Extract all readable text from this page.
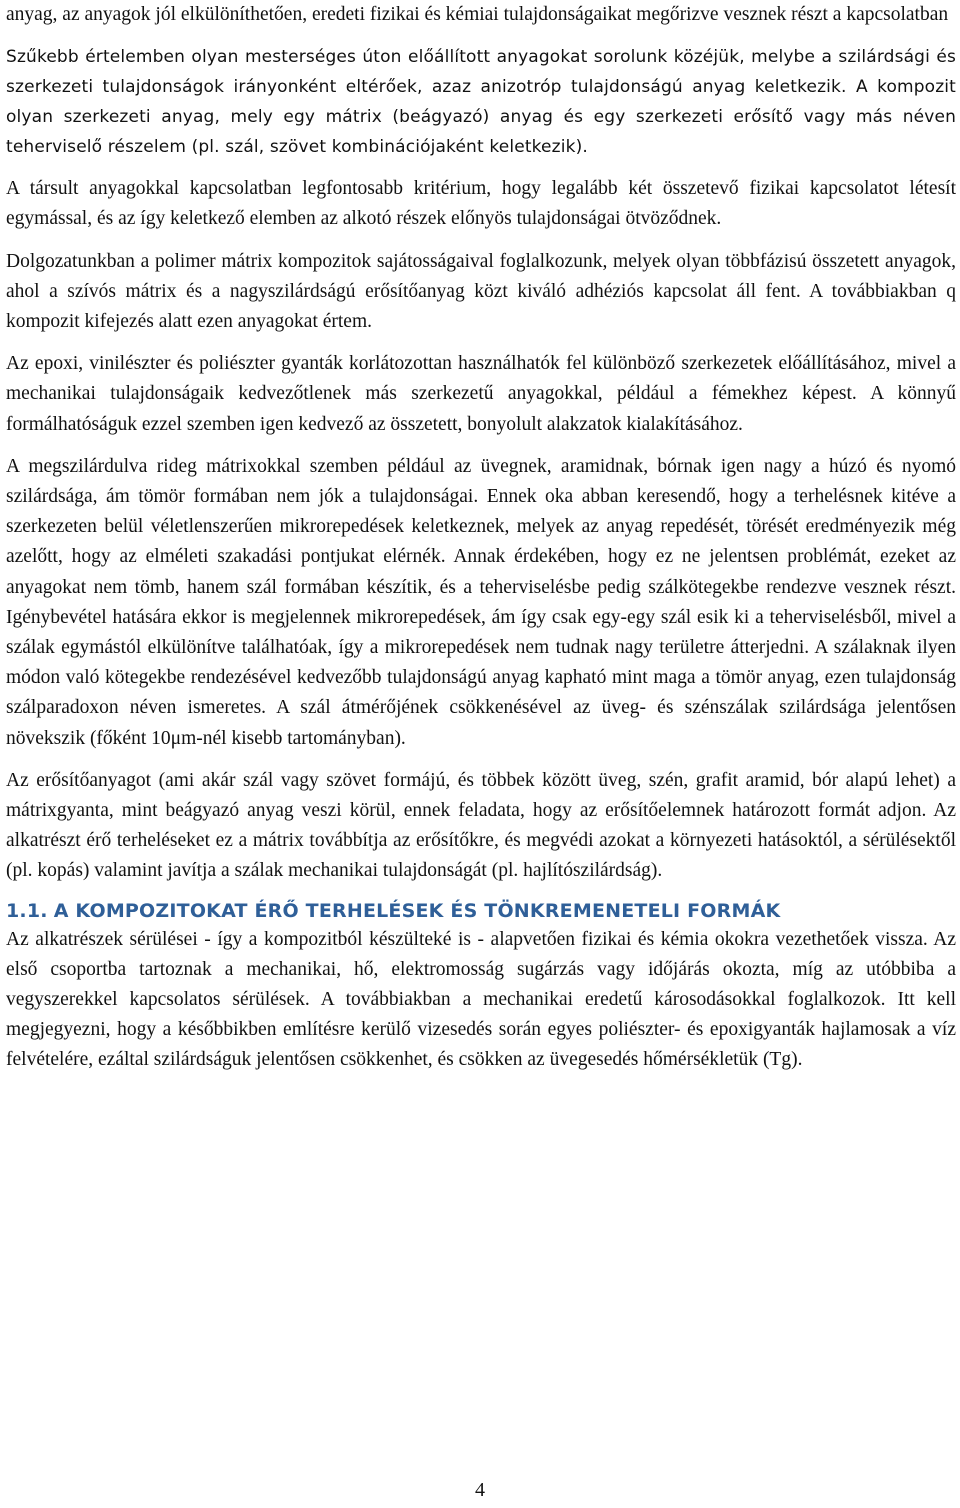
anyag, az anyagok jól elkülöníthetően, eredeti fizikai és kémiai tulajdonságaikat megőrizve vesznek részt a kapcsolatban

Szűkebb értelemben olyan mesterséges úton előállított anyagokat sorolunk közéjük, melybe a szilárdsági és szerkezeti tulajdonságok irányonként eltérőek, azaz anizotróp tulajdonságú anyag keletkezik. A kompozit olyan szerkezeti anyag, mely egy mátrix (beágyazó) anyag és egy szerkezeti erősítő vagy más néven teherviselő részelem (pl. szál, szövet kombinációjaként keletkezik).

A társult anyagokkal kapcsolatban legfontosabb kritérium, hogy legalább két összetevő fizikai kapcsolatot létesít egymással, és az így keletkező elemben az alkotó részek előnyös tulajdonságai ötvöződnek.

Dolgozatunkban a polimer mátrix kompozitok sajátosságaival foglalkozunk, melyek olyan többfázisú összetett anyagok, ahol a szívós mátrix és a nagyszilárdságú erősítőanyag közt kiváló adhéziós kapcsolat áll fent. A továbbiakban q kompozit kifejezés alatt ezen anyagokat értem.

Az epoxi, vinilészter és poliészter gyanták korlátozottan használhatók fel különböző szerkezetek előállításához, mivel a mechanikai tulajdonságaik kedvezőtlenek más szerkezetű anyagokkal, például a fémekhez képest. A könnyű formálhatóságuk ezzel szemben igen kedvező az összetett, bonyolult alakzatok kialakításához.

A megszilárdulva rideg mátrixokkal szemben például az üvegnek, aramidnak, bórnak igen nagy a húzó és nyomó szilárdsága, ám tömör formában nem jók a tulajdonságai. Ennek oka abban keresendő, hogy a terhelésnek kitéve a szerkezeten belül véletlenszerűen mikrorepedések keletkeznek, melyek az anyag repedését, törését eredményezik még azelőtt, hogy az elméleti szakadási pontjukat elérnék. Annak érdekében, hogy ez ne jelentsen problémát, ezeket az anyagokat nem tömb, hanem szál formában készítik, és a teherviselésbe pedig szálkötegekbe rendezve vesznek részt. Igénybevétel hatására ekkor is megjelennek mikrorepedések, ám így csak egy-egy szál esik ki a teherviselésből, mivel a szálak egymástól elkülönítve találhatóak, így a mikrorepedések nem tudnak nagy területre átterjedni. A szálaknak ilyen módon való kötegekbe rendezésével kedvezőbb tulajdonságú anyag kapható mint maga a tömör anyag, ezen tulajdonság szálparadoxon néven ismeretes. A szál átmérőjének csökkenésével az üveg- és szénszálak szilárdsága jelentősen növekszik (főként 10μm-nél kisebb tartományban).

Az erősítőanyagot (ami akár szál vagy szövet formájú, és többek között üveg, szén, grafit aramid, bór alapú lehet) a mátrixgyanta, mint beágyazó anyag veszi körül, ennek feladata, hogy az erősítőelemnek határozott formát adjon. Az alkatrészt érő terheléseket ez a mátrix továbbítja az erősítőkre, és megvédi azokat a környezeti hatásoktól, a sérülésektől (pl. kopás) valamint javítja a szálak mechanikai tulajdonságát (pl. hajlítószilárdság).

1.1. A KOMPOZITOKAT ÉRŐ TERHELÉSEK ÉS TÖNKREMENETELI FORMÁK

Az alkatrészek sérülései - így a kompozitból készülteké is - alapvetően fizikai és kémia okokra vezethetőek vissza. Az első csoportba tartoznak a mechanikai, hő, elektromosság sugárzás vagy időjárás okozta, míg az utóbbiba a vegyszerekkel kapcsolatos sérülések. A továbbiakban a mechanikai eredetű károsodásokkal foglalkozok. Itt kell megjegyezni, hogy a későbbikben említésre kerülő vizesedés során egyes poliészter- és epoxigyanták hajlamosak a víz felvételére, ezáltal szilárdságuk jelentősen csökkenhet, és csökken az üvegesedés hőmérsékletük (Tg).

4
